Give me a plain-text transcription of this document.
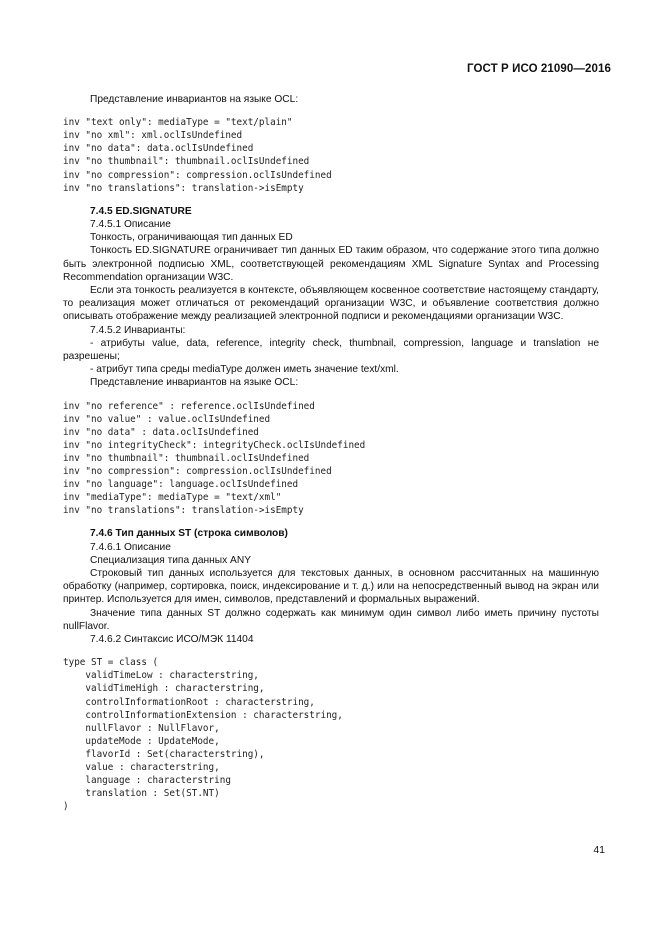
ГОСТ Р ИСО 21090—2016

Представление инвариантов на языке OCL:

inv "text only": mediaType = "text/plain"
inv "no xml": xml.oclIsUndefined
inv "no data": data.oclIsUndefined
inv "no thumbnail": thumbnail.oclIsUndefined
inv "no compression": compression.oclIsUndefined
inv "no translations": translation->isEmpty

7.4.5 ED.SIGNATURE

7.4.5.1 Описание

Тонкость, ограничивающая тип данных ED

Тонкость ED.SIGNATURE ограничивает тип данных ED таким образом, что содержание этого типа должно быть электронной подписью XML, соответствующей рекомендациям XML Signature Syntax and Processing Recommendation организации W3C.

Если эта тонкость реализуется в контексте, объявляющем косвенное соответствие настоящему стандарту, то реализация может отличаться от рекомендаций организации W3C, и объявление соответствия должно описывать отображение между реализацией электронной подписи и рекомендациями организации W3C.

7.4.5.2 Инварианты:

- атрибуты value, data, reference, integrity check, thumbnail, compression, language и translation не разрешены;

- атрибут типа среды mediaType должен иметь значение text/xml.

Представление инвариантов на языке OCL:

inv "no reference" : reference.oclIsUndefined
inv "no value" : value.oclIsUndefined
inv "no data" : data.oclIsUndefined
inv "no integrityCheck": integrityCheck.oclIsUndefined
inv "no thumbnail": thumbnail.oclIsUndefined
inv "no compression": compression.oclIsUndefined
inv "no language": language.oclIsUndefined
inv "mediaType": mediaType = "text/xml"
inv "no translations": translation->isEmpty

7.4.6 Тип данных ST (строка символов)

7.4.6.1 Описание

Специализация типа данных ANY

Строковый тип данных используется для текстовых данных, в основном рассчитанных на машинную обработку (например, сортировка, поиск, индексирование и т. д.) или на непосредственный вывод на экран или принтер. Используется для имен, символов, представлений и формальных выражений.

Значение типа данных ST должно содержать как минимум один символ либо иметь причину пустоты nullFlavor.

7.4.6.2 Синтаксис ИСО/МЭК 11404

type ST = class (
validTimeLow : characterstring,
validTimeHigh : characterstring,
controlInformationRoot : characterstring,
controlInformationExtension : characterstring,
nullFlavor : NullFlavor,
updateMode : UpdateMode,
flavorId : Set(characterstring),
value : characterstring,
language : characterstring
translation : Set(ST.NT)
)
41
